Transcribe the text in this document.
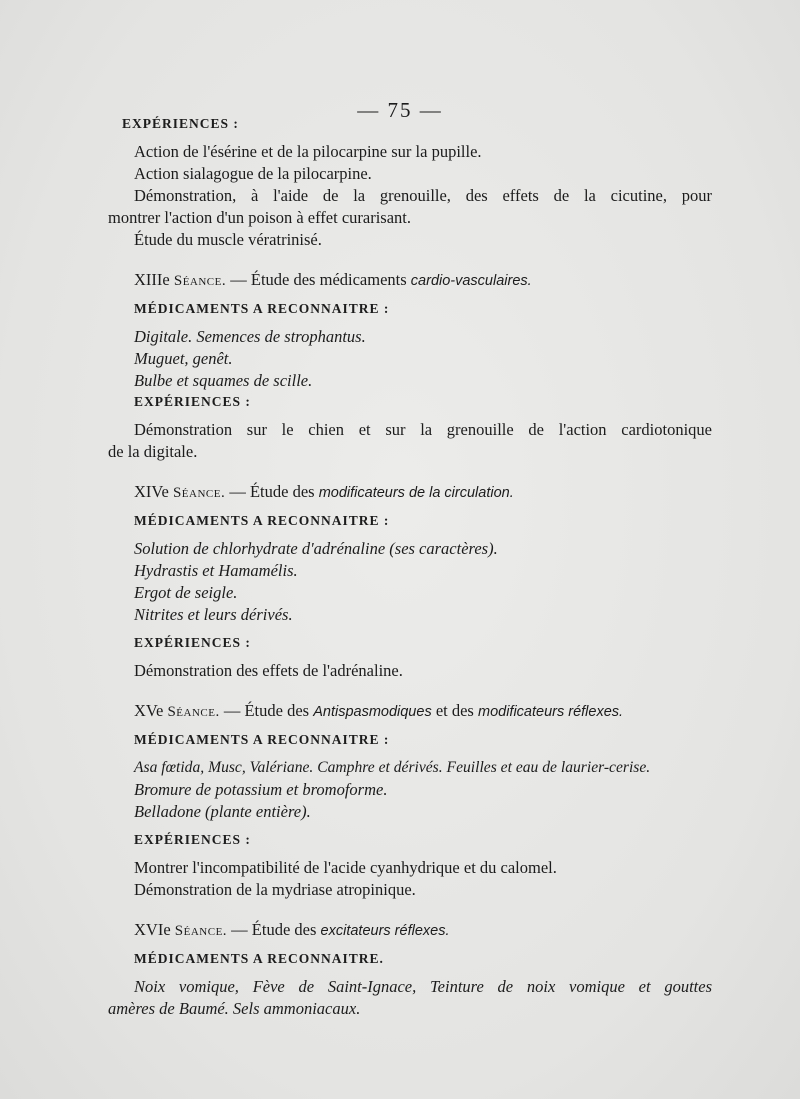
— 75 —

EXPÉRIENCES :

Action de l'ésérine et de la pilocarpine sur la pupille.

Action sialagogue de la pilocarpine.

Démonstration, à l'aide de la grenouille, des effets de la cicutine, pour

montrer l'action d'un poison à effet curarisant.

Étude du muscle vératrinisé.

XIIIe Séance. — Étude des médicaments cardio-vasculaires.

MÉDICAMENTS A RECONNAITRE :

Digitale. Semences de strophantus.

Muguet, genêt.

Bulbe et squames de scille.

EXPÉRIENCES :

Démonstration sur le chien et sur la grenouille de l'action cardiotonique

de la digitale.

XIVe Séance. — Étude des modificateurs de la circulation.

MÉDICAMENTS A RECONNAITRE :

Solution de chlorhydrate d'adrénaline (ses caractères).

Hydrastis et Hamamélis.

Ergot de seigle.

Nitrites et leurs dérivés.

EXPÉRIENCES :

Démonstration des effets de l'adrénaline.

XVe Séance. — Étude des Antispasmodiques et des modificateurs réflexes.

MÉDICAMENTS A RECONNAITRE :

Asa fœtida, Musc, Valériane. Camphre et dérivés. Feuilles et eau de laurier-cerise.

Bromure de potassium et bromoforme.

Belladone (plante entière).

EXPÉRIENCES :

Montrer l'incompatibilité de l'acide cyanhydrique et du calomel.

Démonstration de la mydriase atropinique.

XVIe Séance. — Étude des excitateurs réflexes.

MÉDICAMENTS A RECONNAITRE.

Noix vomique, Fève de Saint-Ignace, Teinture de noix vomique et gouttes

amères de Baumé. Sels ammoniacaux.
